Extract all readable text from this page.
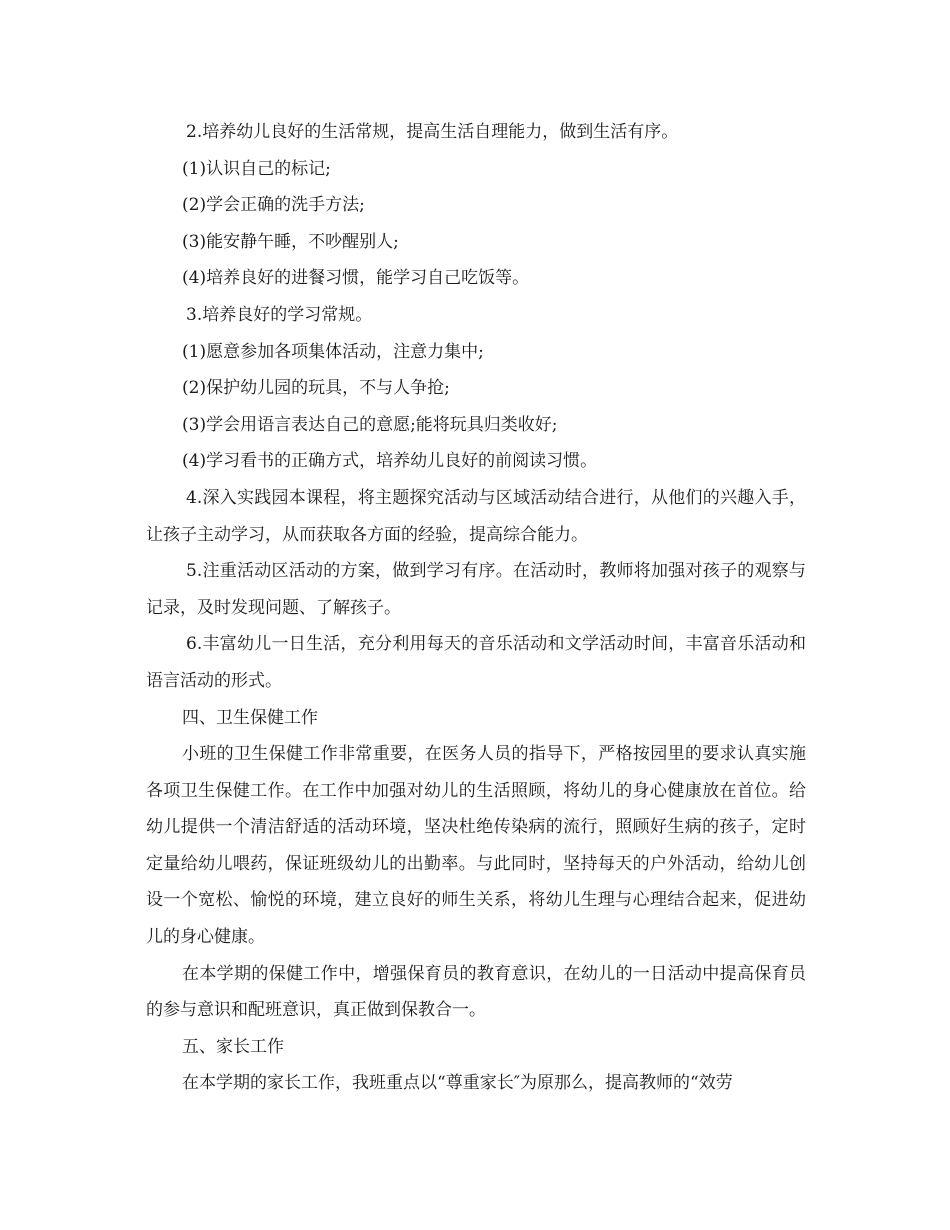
2.培养幼儿良好的生活常规，提高生活自理能力，做到生活有序。
(1)认识自己的标记;
(2)学会正确的洗手方法;
(3)能安静午睡，不吵醒别人;
(4)培养良好的进餐习惯，能学习自己吃饭等。
3.培养良好的学习常规。
(1)愿意参加各项集体活动，注意力集中;
(2)保护幼儿园的玩具，不与人争抢;
(3)学会用语言表达自己的意愿;能将玩具归类收好;
(4)学习看书的正确方式，培养幼儿良好的前阅读习惯。
4.深入实践园本课程，将主题探究活动与区域活动结合进行，从他们的兴趣入手，让孩子主动学习，从而获取各方面的经验，提高综合能力。
5.注重活动区活动的方案，做到学习有序。在活动时，教师将加强对孩子的观察与记录，及时发现问题、了解孩子。
6.丰富幼儿一日生活，充分利用每天的音乐活动和文学活动时间，丰富音乐活动和语言活动的形式。
四、卫生保健工作
小班的卫生保健工作非常重要，在医务人员的指导下，严格按园里的要求认真实施各项卫生保健工作。在工作中加强对幼儿的生活照顾，将幼儿的身心健康放在首位。给幼儿提供一个清洁舒适的活动环境，坚决杜绝传染病的流行，照顾好生病的孩子，定时定量给幼儿喂药，保证班级幼儿的出勤率。与此同时，坚持每天的户外活动，给幼儿创设一个宽松、愉悦的环境，建立良好的师生关系，将幼儿生理与心理结合起来，促进幼儿的身心健康。
在本学期的保健工作中，增强保育员的教育意识，在幼儿的一日活动中提高保育员的参与意识和配班意识，真正做到保教合一。
五、家长工作
在本学期的家长工作，我班重点以“尊重家长″为原那么，提高教师的“效劳
